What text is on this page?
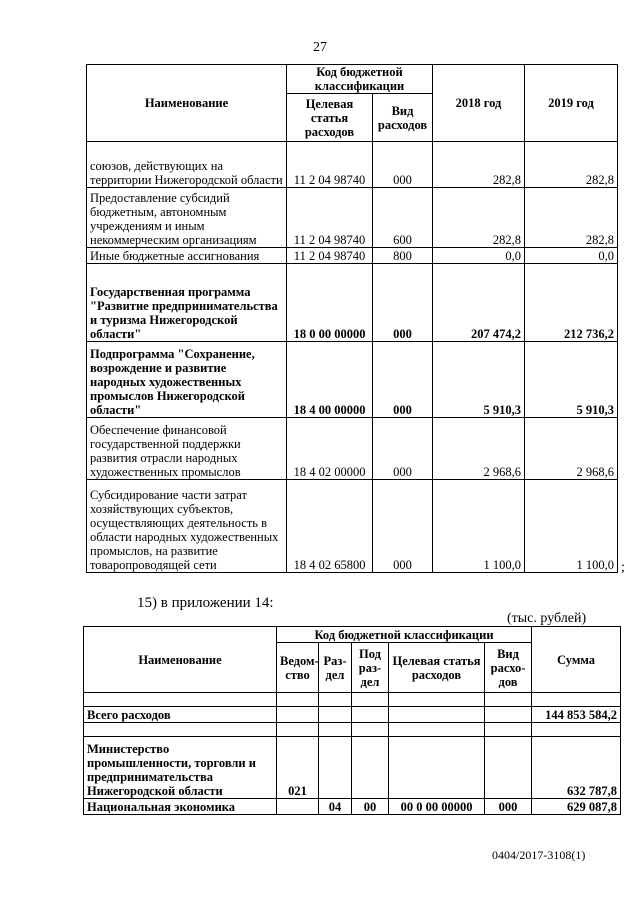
27
Наименование	Код бюджетной классификации		2018 год	2019 год
	Целевая статья расходов	Вид расходов		
союзов, действующих на территории Нижегородской области	11 2 04 98740	000	282,8	282,8
Предоставление субсидий бюджетным, автономным учреждениям и иным некоммерческим организациям	11 2 04 98740	600	282,8	282,8
Иные бюджетные ассигнования	11 2 04 98740	800	0,0	0,0
Государственная программа "Развитие предпринимательства и туризма Нижегородской области"	18 0 00 00000	000	207 474,2	212 736,2
Подпрограмма "Сохранение, возрождение и развитие народных художественных промыслов Нижегородской области"	18 4 00 00000	000	5 910,3	5 910,3
Обеспечение финансовой государственной поддержки развития отрасли народных художественных промыслов	18 4 02 00000	000	2 968,6	2 968,6
Субсидирование части затрат хозяйствующих субъектов, осуществляющих деятельность в области народных художественных промыслов, на развитие товаропроводящей сети	18 4 02 65800	000	1 100,0	1 100,0 ;
15) в приложении 14:
(тыс. рублей)
Наименование	Код бюджетной классификации					Сумма
	Ведом-ство	Раз-дел	Под раз-дел	Целевая статья расходов	Вид расхо-дов	

Всего расходов						144 853 584,2

Министерство промышленности, торговли и предпринимательства Нижегородской области	021					632 787,8
Национальная экономика		04	00	00 0 00 00000	000	629 087,8
0404/2017-3108(1)
